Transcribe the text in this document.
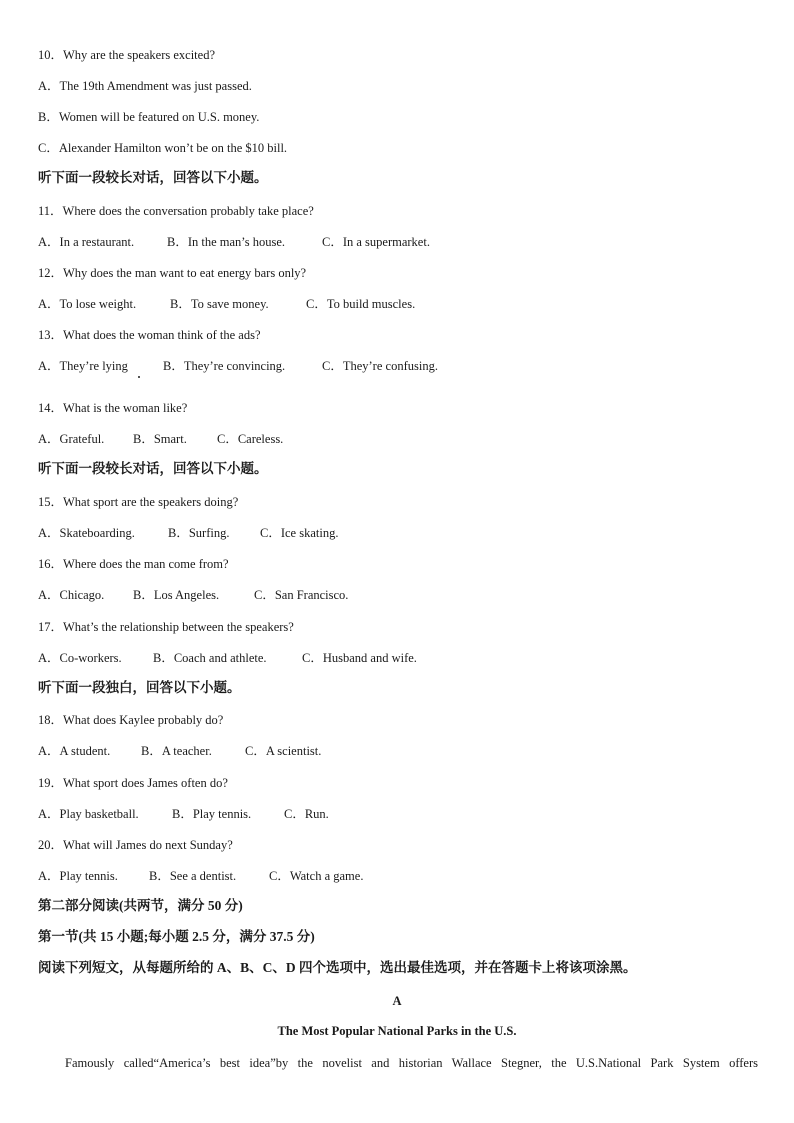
10．Why are the speakers excited?
A．The 19th Amendment was just passed.
B．Women will be featured on U.S. money.
C．Alexander Hamilton won’t be on the $10 bill.
听下面一段较长对话，回答以下小题。
11．Where does the conversation probably take place?
A．In a restaurant.	B．In the man’s house.	C．In a supermarket.
12．Why does the man want to eat energy bars only?
A．To lose weight.	B．To save money.	C．To build muscles.
13．What does the woman think of the ads?
A．They’re lying	B．They’re convincing.	C．They’re confusing.
14．What is the woman like?
A．Grateful. B．Smart. C．Careless.
听下面一段较长对话，回答以下小题。
15．What sport are the speakers doing?
A．Skateboarding.	B．Surfing. C．Ice skating.
16．Where does the man come from?
A．Chicago. B．Los Angeles.	C．San Francisco.
17．What’s the relationship between the speakers?
A．Co-workers.	B．Coach and athlete.	C．Husband and wife.
听下面一段独白，回答以下小题。
18．What does Kaylee probably do?
A．A student. B．A teacher.	C．A scientist.
19．What sport does James often do?
A．Play basketball.	B．Play tennis.	C．Run.
20．What will James do next Sunday?
A．Play tennis. B．See a dentist.	C．Watch a game.
第二部分阅读(共两节，满分 50 分)
第一节(共 15 小题;每小题 2.5 分，满分 37.5 分)
阅读下列短文，从每题所给的 A、B、C、D 四个选项中，选出最佳选项，并在答题卡上将该项涂黑。
A
The Most Popular National Parks in the U.S.
Famously called“America’s best idea”by the novelist and historian Wallace Stegner, the U.S.National Park System offers
